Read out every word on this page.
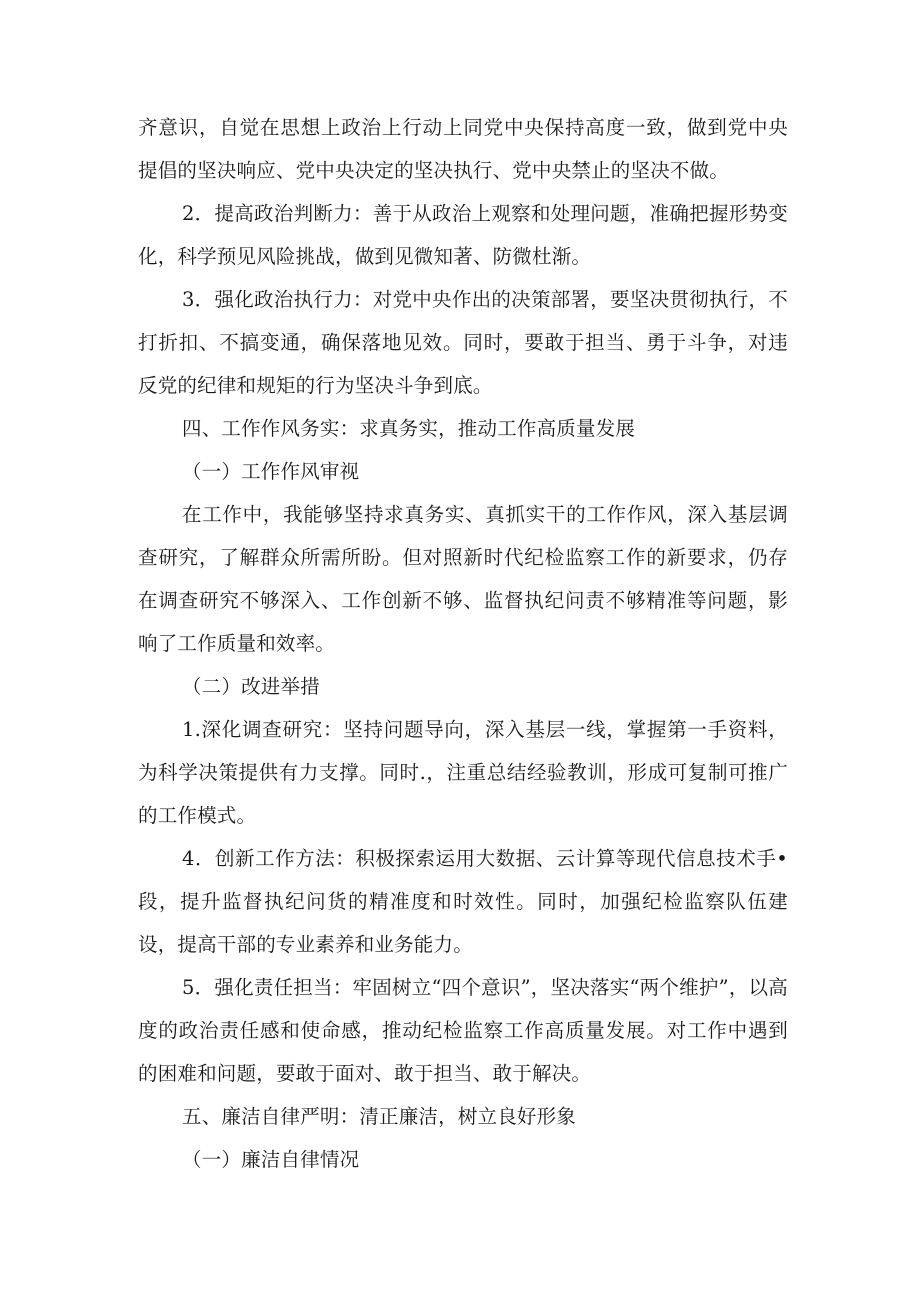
齐意识，自觉在思想上政治上行动上同党中央保持高度一致，做到党中央提倡的坚决响应、党中央决定的坚决执行、党中央禁止的坚决不做。

2．提高政治判断力：善于从政治上观察和处理问题，准确把握形势变化，科学预见风险挑战，做到见微知著、防微杜渐。

3．强化政治执行力：对党中央作出的决策部署，要坚决贯彻执行，不打折扣、不搞变通，确保落地见效。同时，要敢于担当、勇于斗争，对违反党的纪律和规矩的行为坚决斗争到底。

四、工作作风务实：求真务实，推动工作高质量发展

（一）工作作风审视

在工作中，我能够坚持求真务实、真抓实干的工作作风，深入基层调查研究，了解群众所需所盼。但对照新时代纪检监察工作的新要求，仍存在调查研究不够深入、工作创新不够、监督执纪问责不够精准等问题，影响了工作质量和效率。

（二）改进举措

1.深化调查研究：坚持问题导向，深入基层一线，掌握第一手资料，为科学决策提供有力支撑。同时.，注重总结经验教训，形成可复制可推广的工作模式。

4．创新工作方法：积极探索运用大数据、云计算等现代信息技术手•段，提升监督执纪问货的精准度和时效性。同时，加强纪检监察队伍建设，提高干部的专业素养和业务能力。

5．强化责任担当：牢固树立“四个意识”，坚决落实“两个维护”，以高度的政治责任感和使命感，推动纪检监察工作高质量发展。对工作中遇到的困难和问题，要敢于面对、敢于担当、敢于解决。

五、廉洁自律严明：清正廉洁，树立良好形象

（一）廉洁自律情况
